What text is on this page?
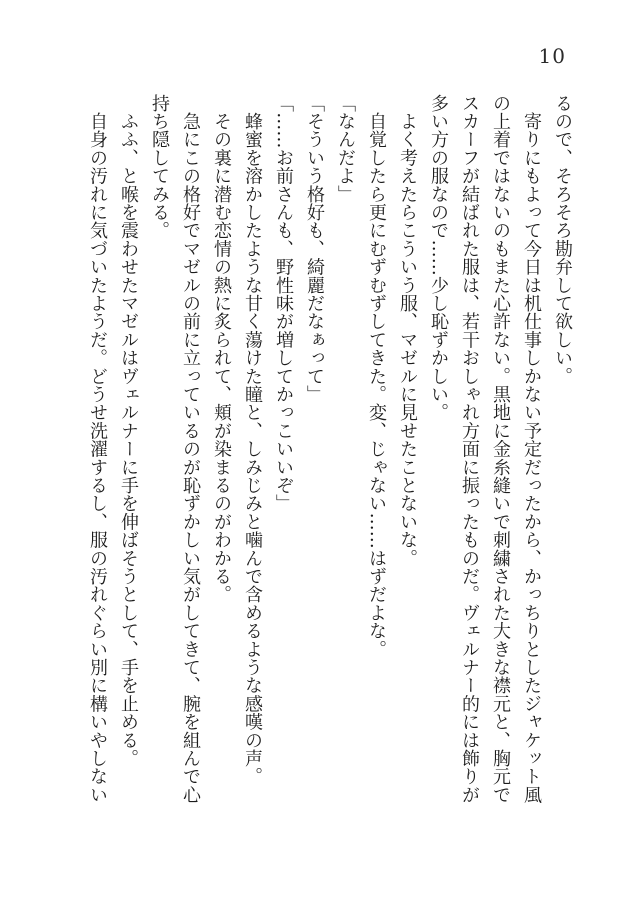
10

るので、そろそろ勘弁して欲しい。

　寄りにもよって今日は机仕事しかない予定だったから、かっちりとしたジャケット風

の上着ではないのもまた心許ない。黒地に金糸縫いで刺繍された大きな襟元と、胸元で

スカーフが結ばれた服は、若干おしゃれ方面に振ったものだ。ヴェルナー的には飾りが

多い方の服なので……少し恥ずかしい。

　よく考えたらこういう服、マゼルに見せたことないな。

　自覚したら更にむずむずしてきた。変、じゃない……はずだよな。

「なんだよ」

「そういう格好も、綺麗だなぁって」

「……お前さんも、野性味が増してかっこいいぞ」

　蜂蜜を溶かしたような甘く蕩けた瞳と、しみじみと噛んで含めるような感嘆の声。

　その裏に潜む恋情の熱に炙られて、頬が染まるのがわかる。

　急にこの格好でマゼルの前に立っているのが恥ずかしい気がしてきて、腕を組んで心

持ち隠してみる。

　ふふ、と喉を震わせたマゼルはヴェルナーに手を伸ばそうとして、手を止める。

　自身の汚れに気づいたようだ。どうせ洗濯するし、服の汚れぐらい別に構いやしない
